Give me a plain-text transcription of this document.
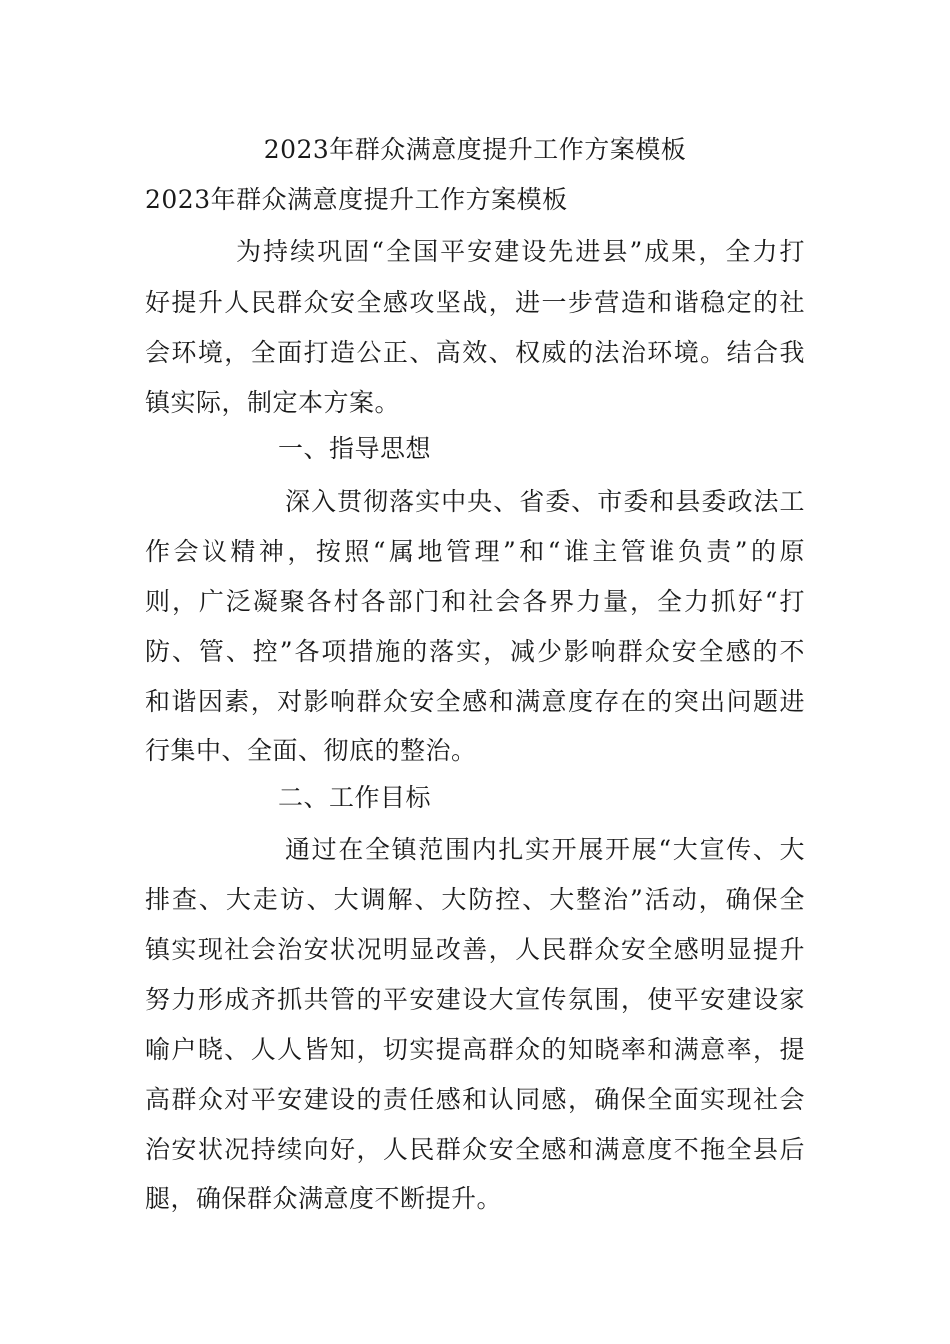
2023年群众满意度提升工作方案模板
2023年群众满意度提升工作方案模板
为持续巩固“全国平安建设先进县”成果，全力打
好提升人民群众安全感攻坚战，进一步营造和谐稳定的社
会环境，全面打造公正、高效、权威的法治环境。结合我
镇实际，制定本方案。
一、指导思想
深入贯彻落实中央、省委、市委和县委政法工
作会议精神，按照“属地管理”和“谁主管谁负责”的原
则，广泛凝聚各村各部门和社会各界力量，全力抓好“打
防、管、控”各项措施的落实，减少影响群众安全感的不
和谐因素，对影响群众安全感和满意度存在的突出问题进
行集中、全面、彻底的整治。
二、工作目标
通过在全镇范围内扎实开展开展“大宣传、大
排查、大走访、大调解、大防控、大整治”活动，确保全
镇实现社会治安状况明显改善，人民群众安全感明显提升
努力形成齐抓共管的平安建设大宣传氛围，使平安建设家
喻户晓、人人皆知，切实提高群众的知晓率和满意率，提
高群众对平安建设的责任感和认同感，确保全面实现社会
治安状况持续向好，人民群众安全感和满意度不拖全县后
腿，确保群众满意度不断提升。
